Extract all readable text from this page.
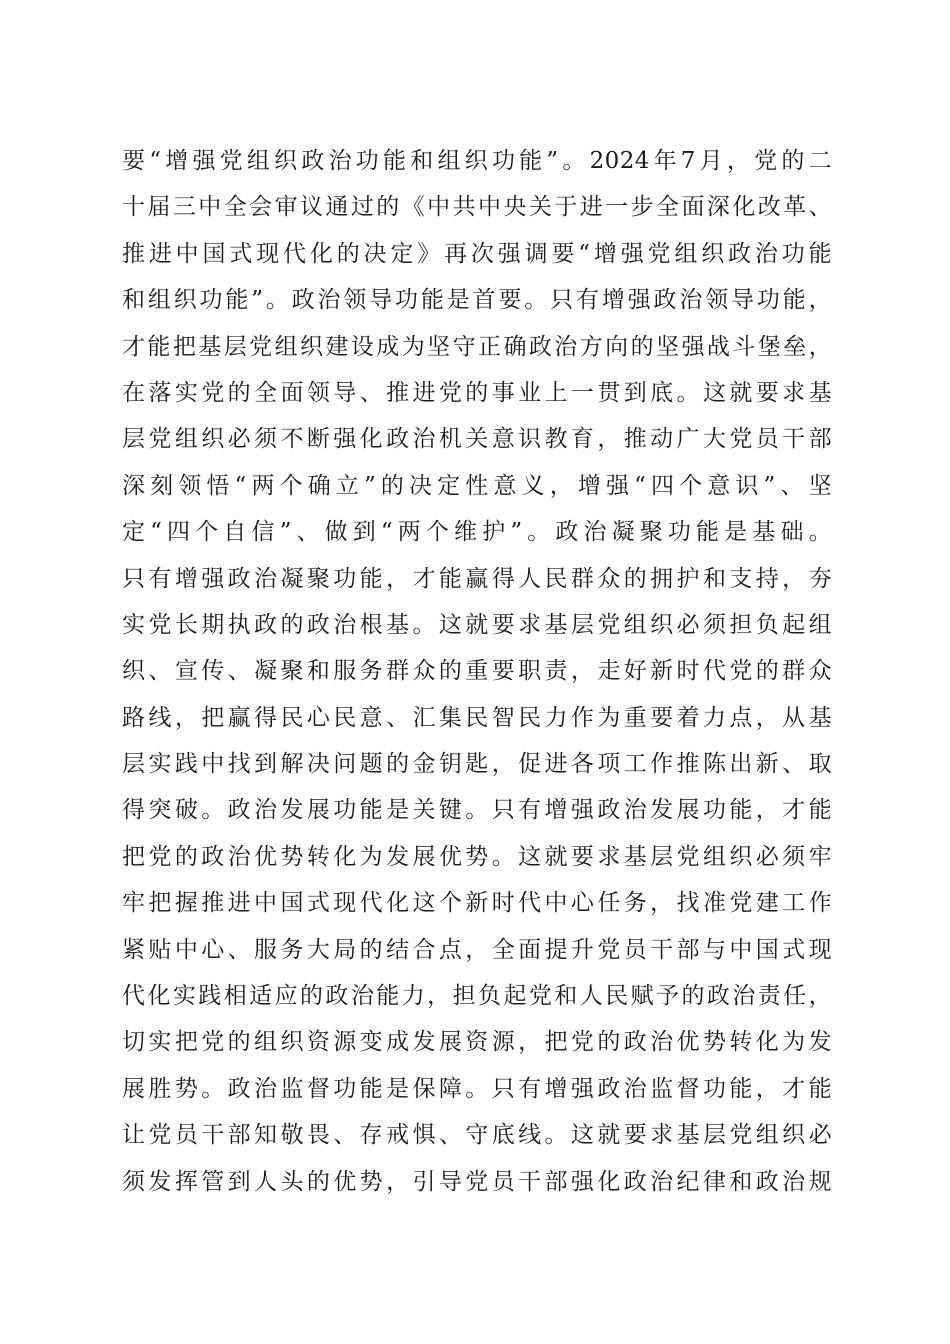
要“增强党组织政治功能和组织功能”。2024年7月，党的二
十届三中全会审议通过的《中共中央关于进一步全面深化改革、
推进中国式现代化的决定》再次强调要“增强党组织政治功能
和组织功能”。政治领导功能是首要。只有增强政治领导功能，
才能把基层党组织建设成为坚守正确政治方向的坚强战斗堡垒，
在落实党的全面领导、推进党的事业上一贯到底。这就要求基
层党组织必须不断强化政治机关意识教育，推动广大党员干部
深刻领悟“两个确立”的决定性意义，增强“四个意识”、坚
定“四个自信”、做到“两个维护”。政治凝聚功能是基础。
只有增强政治凝聚功能，才能赢得人民群众的拥护和支持，夯
实党长期执政的政治根基。这就要求基层党组织必须担负起组
织、宣传、凝聚和服务群众的重要职责，走好新时代党的群众
路线，把赢得民心民意、汇集民智民力作为重要着力点，从基
层实践中找到解决问题的金钥匙，促进各项工作推陈出新、取
得突破。政治发展功能是关键。只有增强政治发展功能，才能
把党的政治优势转化为发展优势。这就要求基层党组织必须牢
牢把握推进中国式现代化这个新时代中心任务，找准党建工作
紧贴中心、服务大局的结合点，全面提升党员干部与中国式现
代化实践相适应的政治能力，担负起党和人民赋予的政治责任，
切实把党的组织资源变成发展资源，把党的政治优势转化为发
展胜势。政治监督功能是保障。只有增强政治监督功能，才能
让党员干部知敬畏、存戒惧、守底线。这就要求基层党组织必
须发挥管到人头的优势，引导党员干部强化政治纪律和政治规
